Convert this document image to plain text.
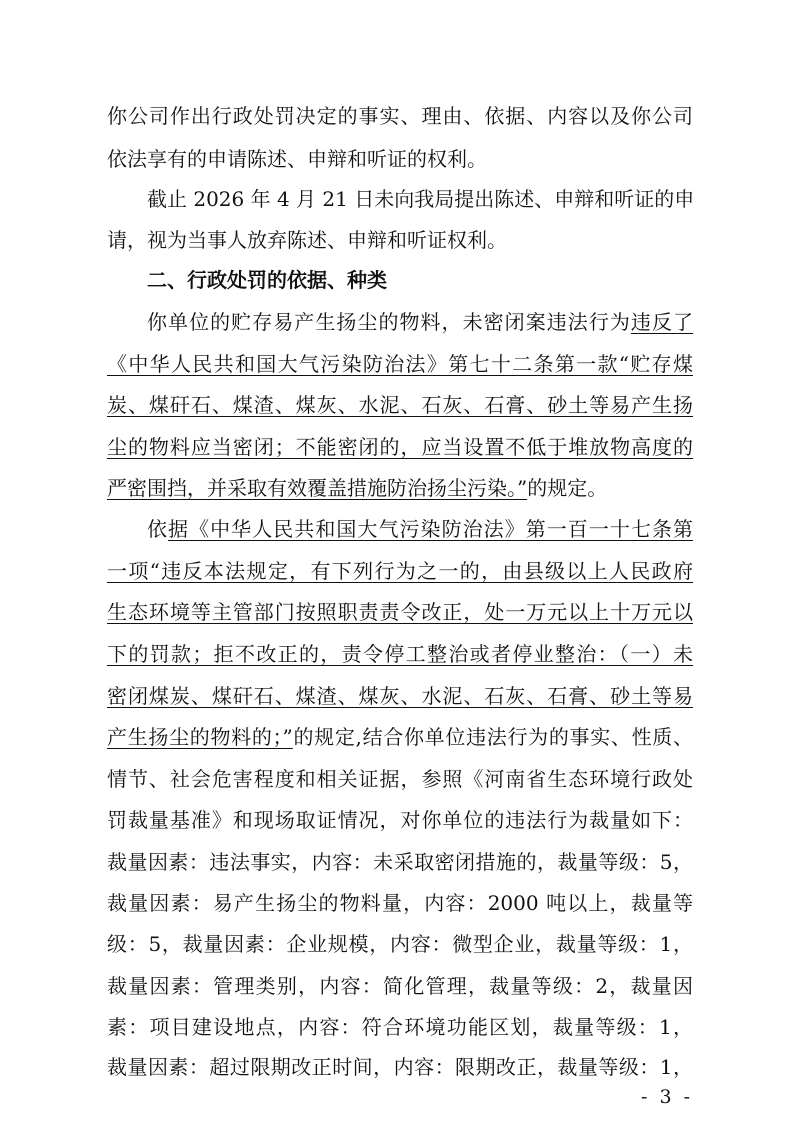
你公司作出行政处罚决定的事实、理由、依据、内容以及你公司
依法享有的申请陈述、申辩和听证的权利。
截止 2026 年 4 月 21 日未向我局提出陈述、申辩和听证的申
请，视为当事人放弃陈述、申辩和听证权利。
二、行政处罚的依据、种类
你单位的贮存易产生扬尘的物料，未密闭案违法行为违反了
《中华人民共和国大气污染防治法》第七十二条第一款“贮存煤
炭、煤矸石、煤渣、煤灰、水泥、石灰、石膏、砂土等易产生扬
尘的物料应当密闭；不能密闭的，应当设置不低于堆放物高度的
严密围挡，并采取有效覆盖措施防治扬尘污染。”的规定。
依据《中华人民共和国大气污染防治法》第一百一十七条第
一项“违反本法规定，有下列行为之一的，由县级以上人民政府
生态环境等主管部门按照职责责令改正，处一万元以上十万元以
下的罚款；拒不改正的，责令停工整治或者停业整治：（一）未
密闭煤炭、煤矸石、煤渣、煤灰、水泥、石灰、石膏、砂土等易
产生扬尘的物料的；”的规定,结合你单位违法行为的事实、性质、
情节、社会危害程度和相关证据，参照《河南省生态环境行政处
罚裁量基准》和现场取证情况，对你单位的违法行为裁量如下：
裁量因素：违法事实，内容：未采取密闭措施的，裁量等级：5，
裁量因素：易产生扬尘的物料量，内容：2000 吨以上，裁量等
级：5，裁量因素：企业规模，内容：微型企业，裁量等级：1，
裁量因素：管理类别，内容：简化管理，裁量等级：2，裁量因
素：项目建设地点，内容：符合环境功能区划，裁量等级：1，
裁量因素：超过限期改正时间，内容：限期改正，裁量等级：1，
- 3 -
